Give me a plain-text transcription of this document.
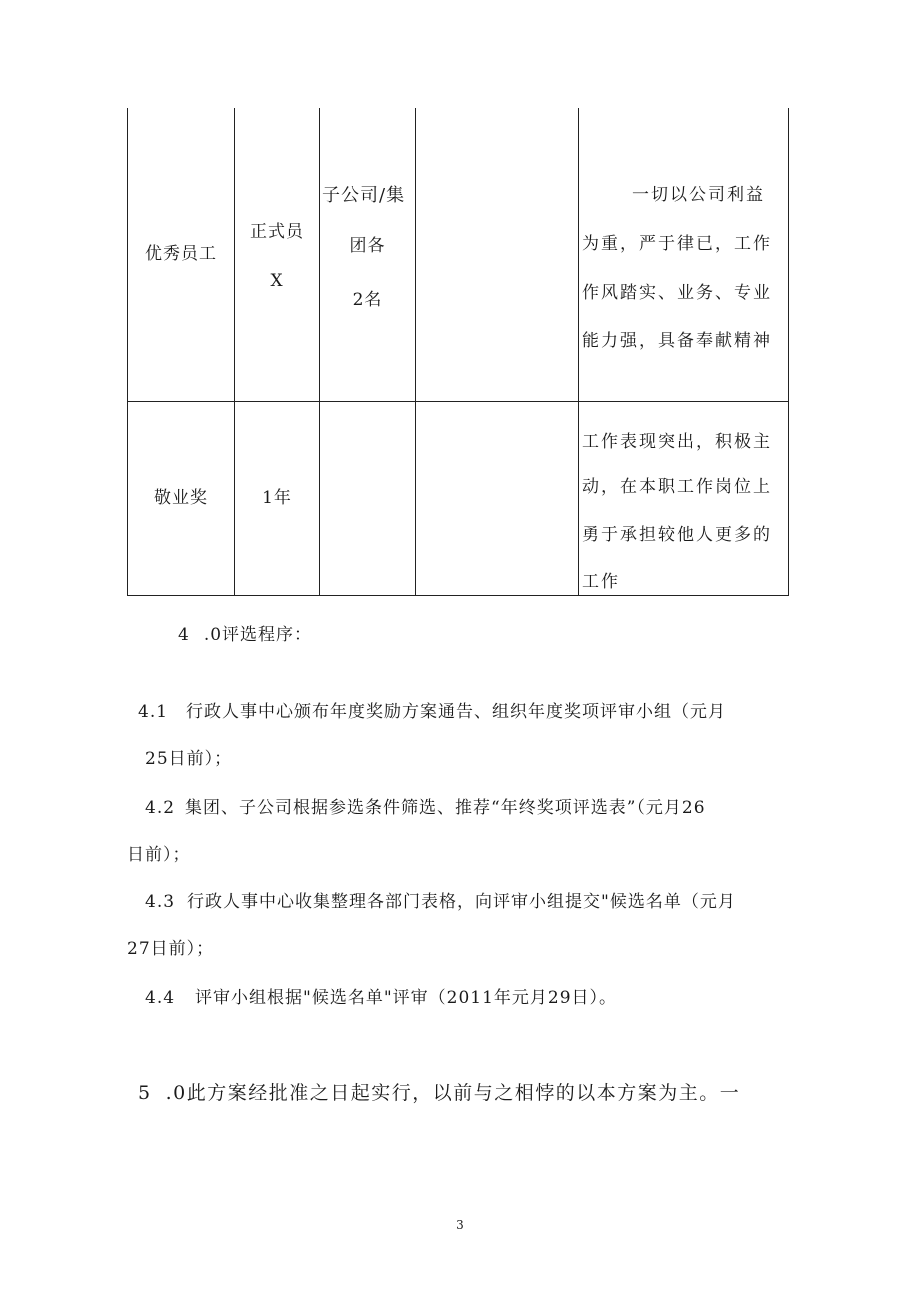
优秀员工
正式员
X
子公司/集
团各
2名
一切以公司利益
为重，严于律已，工作
作风踏实、业务、专业
能力强，具备奉献精神
敬业奖	1年
工作表现突出，积极主
动，在本职工作岗位上
勇于承担较他人更多的
工作
4 .0评选程序：
4.1 行政人事中心颁布年度奖励方案通告、组织年度奖项评审小组（元月
25日前）；
4.2 集团、子公司根据参选条件筛选、推荐“年终奖项评选表”（元月26
日前）；
4.3 行政人事中心收集整理各部门表格，向评审小组提交"候选名单（元月
27日前）；
4.4 评审小组根据"候选名单"评审（2011年元月29日）。
5 .0此方案经批准之日起实行，以前与之相悖的以本方案为主。一
3
